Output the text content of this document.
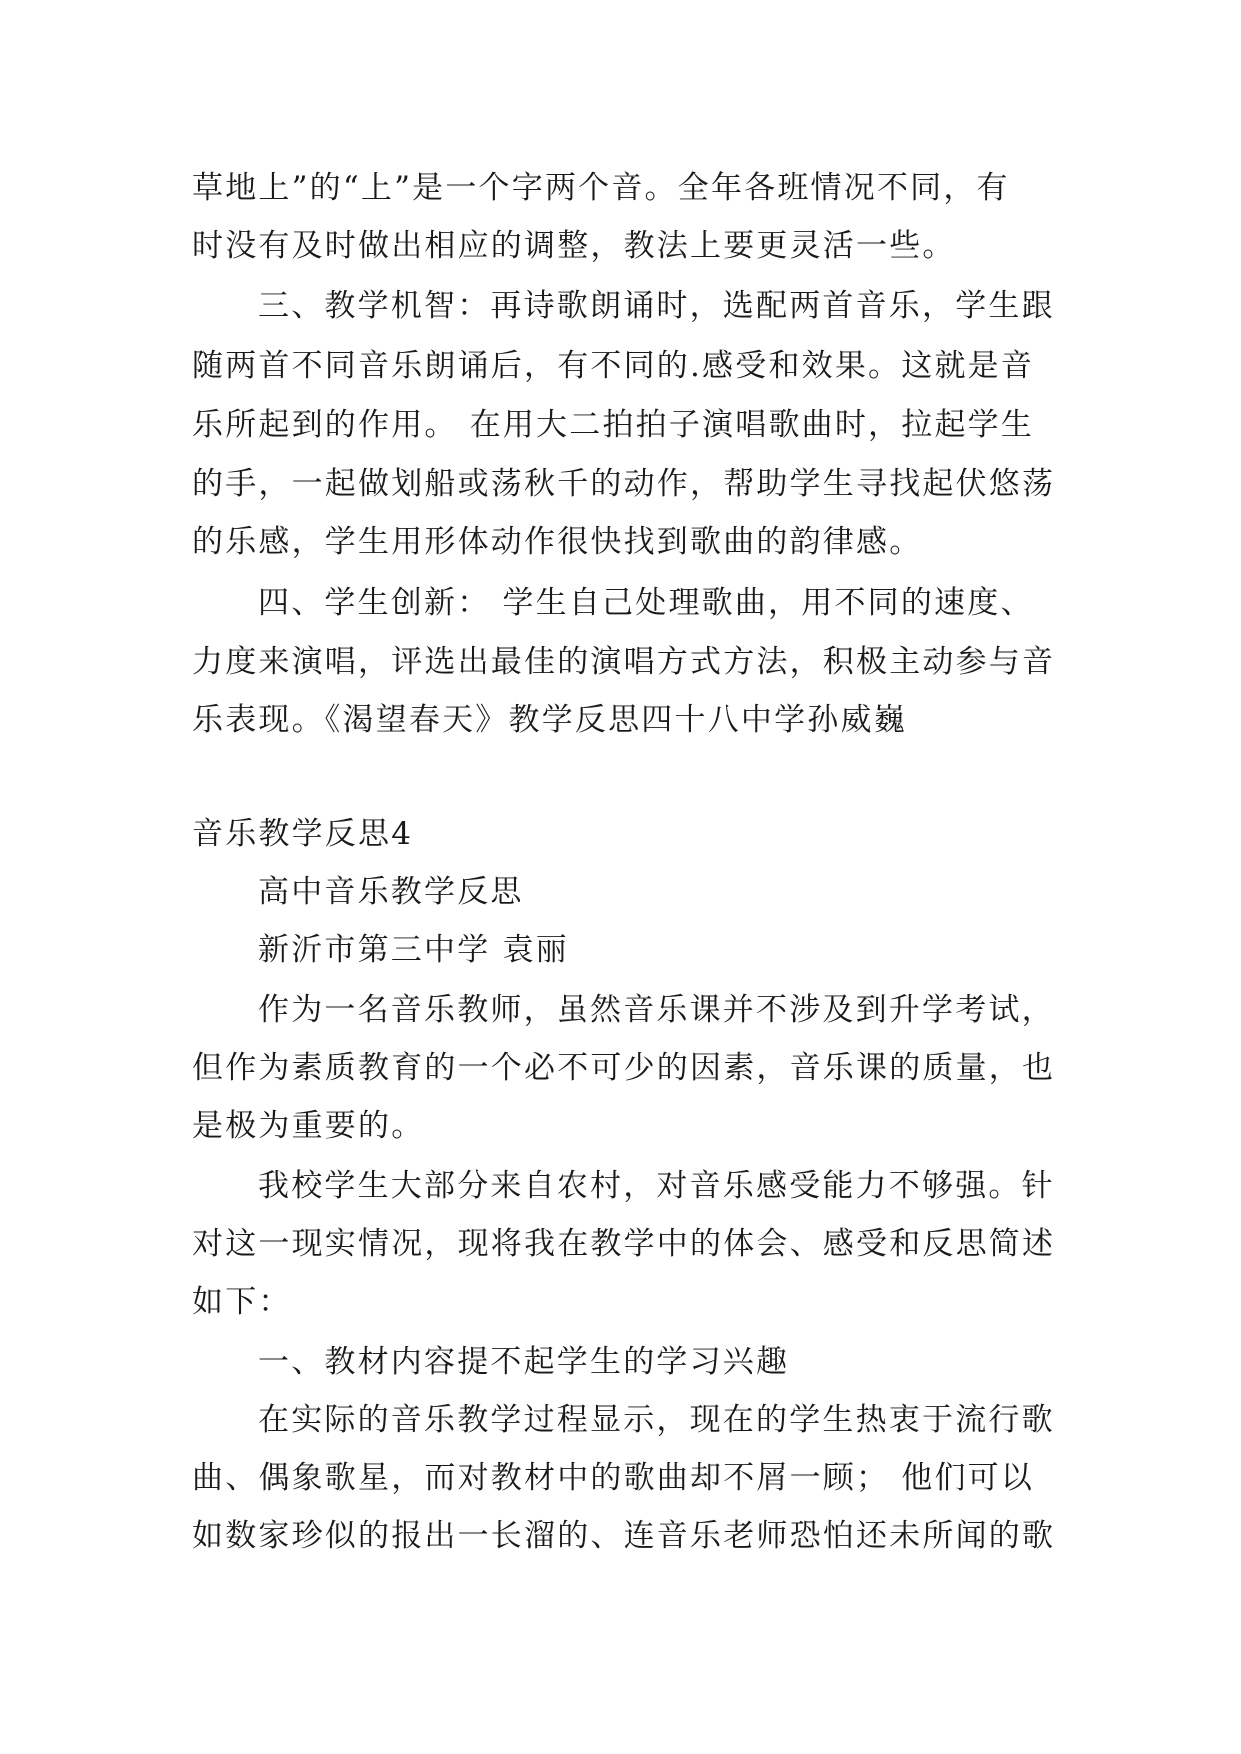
草地上”的“上”是一个字两个音。全年各班情况不同，有
时没有及时做出相应的调整，教法上要更灵活一些。
三、教学机智：再诗歌朗诵时，选配两首音乐，学生跟
随两首不同音乐朗诵后，有不同的.感受和效果。这就是音
乐所起到的作用。 在用大二拍拍子演唱歌曲时，拉起学生
的手，一起做划船或荡秋千的动作，帮助学生寻找起伏悠荡
的乐感，学生用形体动作很快找到歌曲的韵律感。
四、学生创新： 学生自己处理歌曲，用不同的速度、
力度来演唱，评选出最佳的演唱方式方法，积极主动参与音
乐表现。《渴望春天》教学反思四十八中学孙威巍
音乐教学反思4
高中音乐教学反思
新沂市第三中学 袁丽
作为一名音乐教师，虽然音乐课并不涉及到升学考试，
但作为素质教育的一个必不可少的因素，音乐课的质量，也
是极为重要的。
我校学生大部分来自农村，对音乐感受能力不够强。针
对这一现实情况，现将我在教学中的体会、感受和反思简述
如下：
一、教材内容提不起学生的学习兴趣
在实际的音乐教学过程显示，现在的学生热衷于流行歌
曲、偶象歌星，而对教材中的歌曲却不屑一顾； 他们可以
如数家珍似的报出一长溜的、连音乐老师恐怕还未所闻的歌
